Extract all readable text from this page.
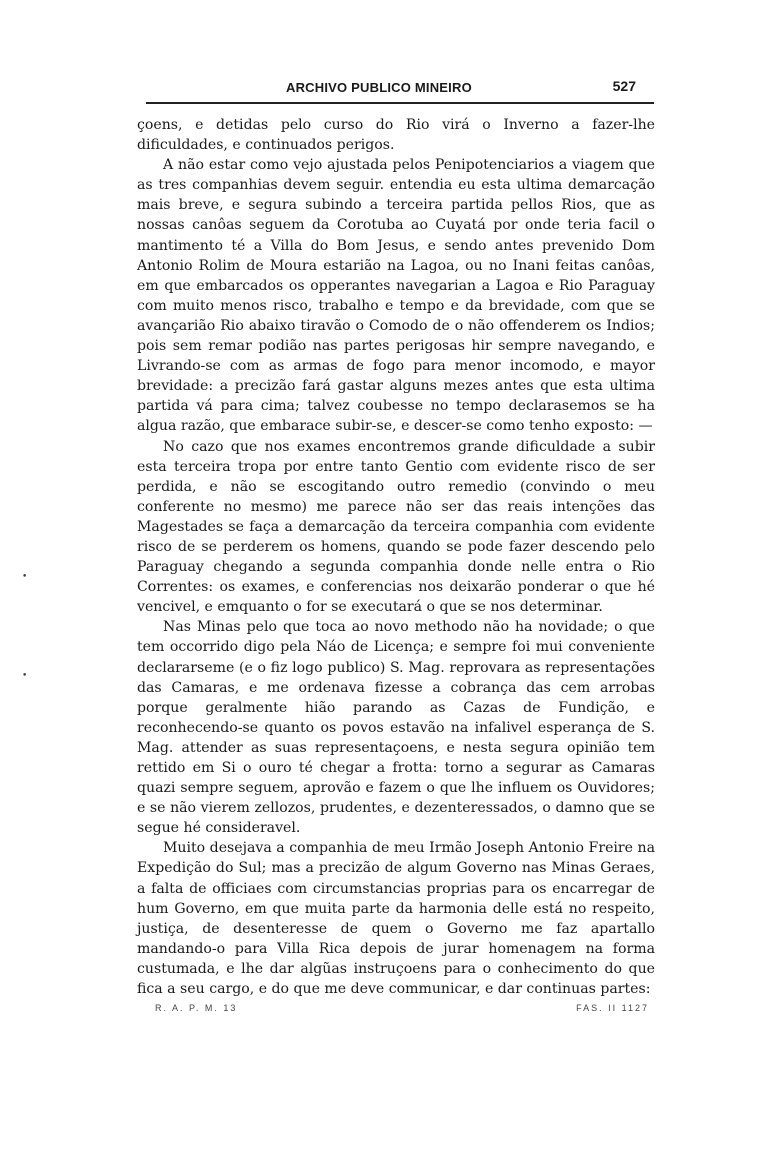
ARCHIVO PUBLICO MINEIRO	527

çoens, e detidas pelo curso do Rio virá o Inverno a fazer-lhe dificuldades, e continuados perigos.

A não estar como vejo ajustada pelos Penipotenciarios a viagem que as tres companhias devem seguir. entendia eu esta ultima demarcação mais breve, e segura subindo a terceira partida pellos Rios, que as nossas canôas seguem da Corotuba ao Cuyatá por onde teria facil o mantimento té a Villa do Bom Jesus, e sendo antes prevenido Dom Antonio Rolim de Moura estarião na Lagoa, ou no Inani feitas canôas, em que embarcados os opperantes navegarian a Lagoa e Rio Paraguay com muito menos risco, trabalho e tempo e da brevidade, com que se avançarião Rio abaixo tiravão o Comodo de o não offenderem os Indios; pois sem remar podião nas partes perigosas hir sempre navegando, e Livrando-se com as armas de fogo para menor incomodo, e mayor brevidade: a precizão fará gastar alguns mezes antes que esta ultima partida vá para cima; talvez coubesse no tempo declarasemos se ha algua razão, que embarace subir-se, e descer-se como tenho exposto: —

No cazo que nos exames encontremos grande dificuldade a subir esta terceira tropa por entre tanto Gentio com evidente risco de ser perdida, e não se escogitando outro remedio (convindo o meu conferente no mesmo) me parece não ser das reais intenções das Magestades se faça a demarcação da terceira companhia com evidente risco de se perderem os homens, quando se pode fazer descendo pelo Paraguay chegando a segunda companhia donde nelle entra o Rio Correntes: os exames, e conferencias nos deixarão ponderar o que hé vencivel, e emquanto o for se executará o que se nos determinar.

Nas Minas pelo que toca ao novo methodo não ha novidade; o que tem occorrido digo pela Náo de Licença; e sempre foi mui conveniente declararseme (e o fiz logo publico) S. Mag. reprovara as representações das Camaras, e me ordenava fizesse a cobrança das cem arrobas porque geralmente hião parando as Cazas de Fundição, e reconhecendo-se quanto os povos estavão na infalivel esperança de S. Mag. attender as suas representaçoens, e nesta segura opinião tem rettido em Si o ouro té chegar a frotta: torno a segurar as Camaras quazi sempre seguem, aprovão e fazem o que lhe influem os Ouvidores; e se não vierem zellozos, prudentes, e dezenteressados, o damno que se segue hé consideravel.

Muito desejava a companhia de meu Irmão Joseph Antonio Freire na Expedição do Sul; mas a precizão de algum Governo nas Minas Geraes, a falta de officiaes com circumstancias proprias para os encarregar de hum Governo, em que muita parte da harmonia delle está no respeito, justiça, de desenteresse de quem o Governo me faz apartallo mandando-o para Villa Rica depois de jurar homenagem na forma custumada, e lhe dar algũas instruçoens para o conhecimento do que fica a seu cargo, e do que me deve communicar, e dar continuas partes:

•
•
R. A. P. M. 13	FAS. II 1127
